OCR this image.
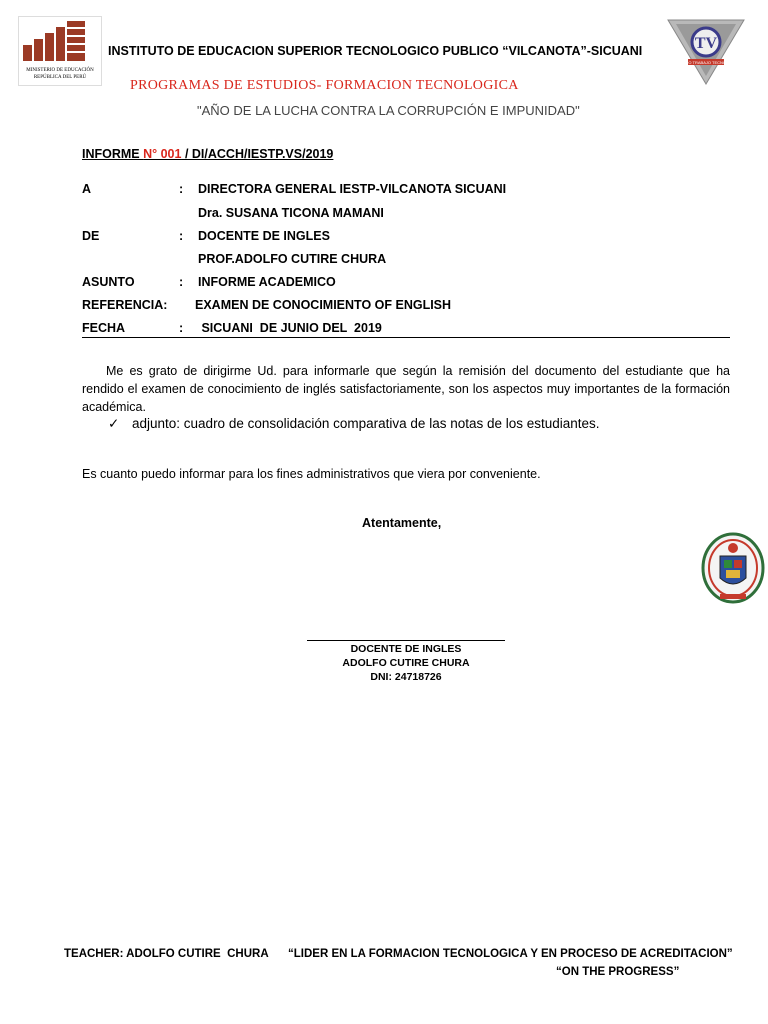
MINISTERIO DE EDUCACIÓN
REPÚBLICA DEL PERÚ
INSTITUTO DE EDUCACION SUPERIOR TECNOLOGICO PUBLICO “VILCANOTA”-SICUANI	TV
ESTUDIO TRABAJO TECNOLOGIA
PROGRAMAS DE ESTUDIOS- FORMACION TECNOLOGICA
"AÑO DE LA LUCHA CONTRA LA CORRUPCIÓN E IMPUNIDAD"
INFORME N° 001 / DI/ACCH/IESTP.VS/2019
A	: DIRECTORA GENERAL IESTP-VILCANOTA SICUANI
Dra. SUSANA TICONA MAMANI
DE	: DOCENTE DE INGLES
PROF.ADOLFO CUTIRE CHURA
ASUNTO	: INFORME ACADEMICO
REFERENCIA: EXAMEN DE CONOCIMIENTO OF ENGLISH
FECHA	: SICUANI  DE JUNIO DEL  2019
Me es grato de dirigirme Ud. para informarle que según la remisión del documento del estudiante que ha rendido el examen de conocimiento de inglés satisfactoriamente, son los aspectos muy importantes de la formación académica.
✓ adjunto: cuadro de consolidación comparativa de las notas de los estudiantes.
Es cuanto puedo informar para los fines administrativos que viera por conveniente.
Atentamente,
DOCENTE DE INGLES
ADOLFO CUTIRE CHURA
DNI: 24718726
TEACHER: ADOLFO CUTIRE  CHURA “LIDER EN LA FORMACION TECNOLOGICA Y EN PROCESO DE ACREDITACION”
“ON THE PROGRESS”
